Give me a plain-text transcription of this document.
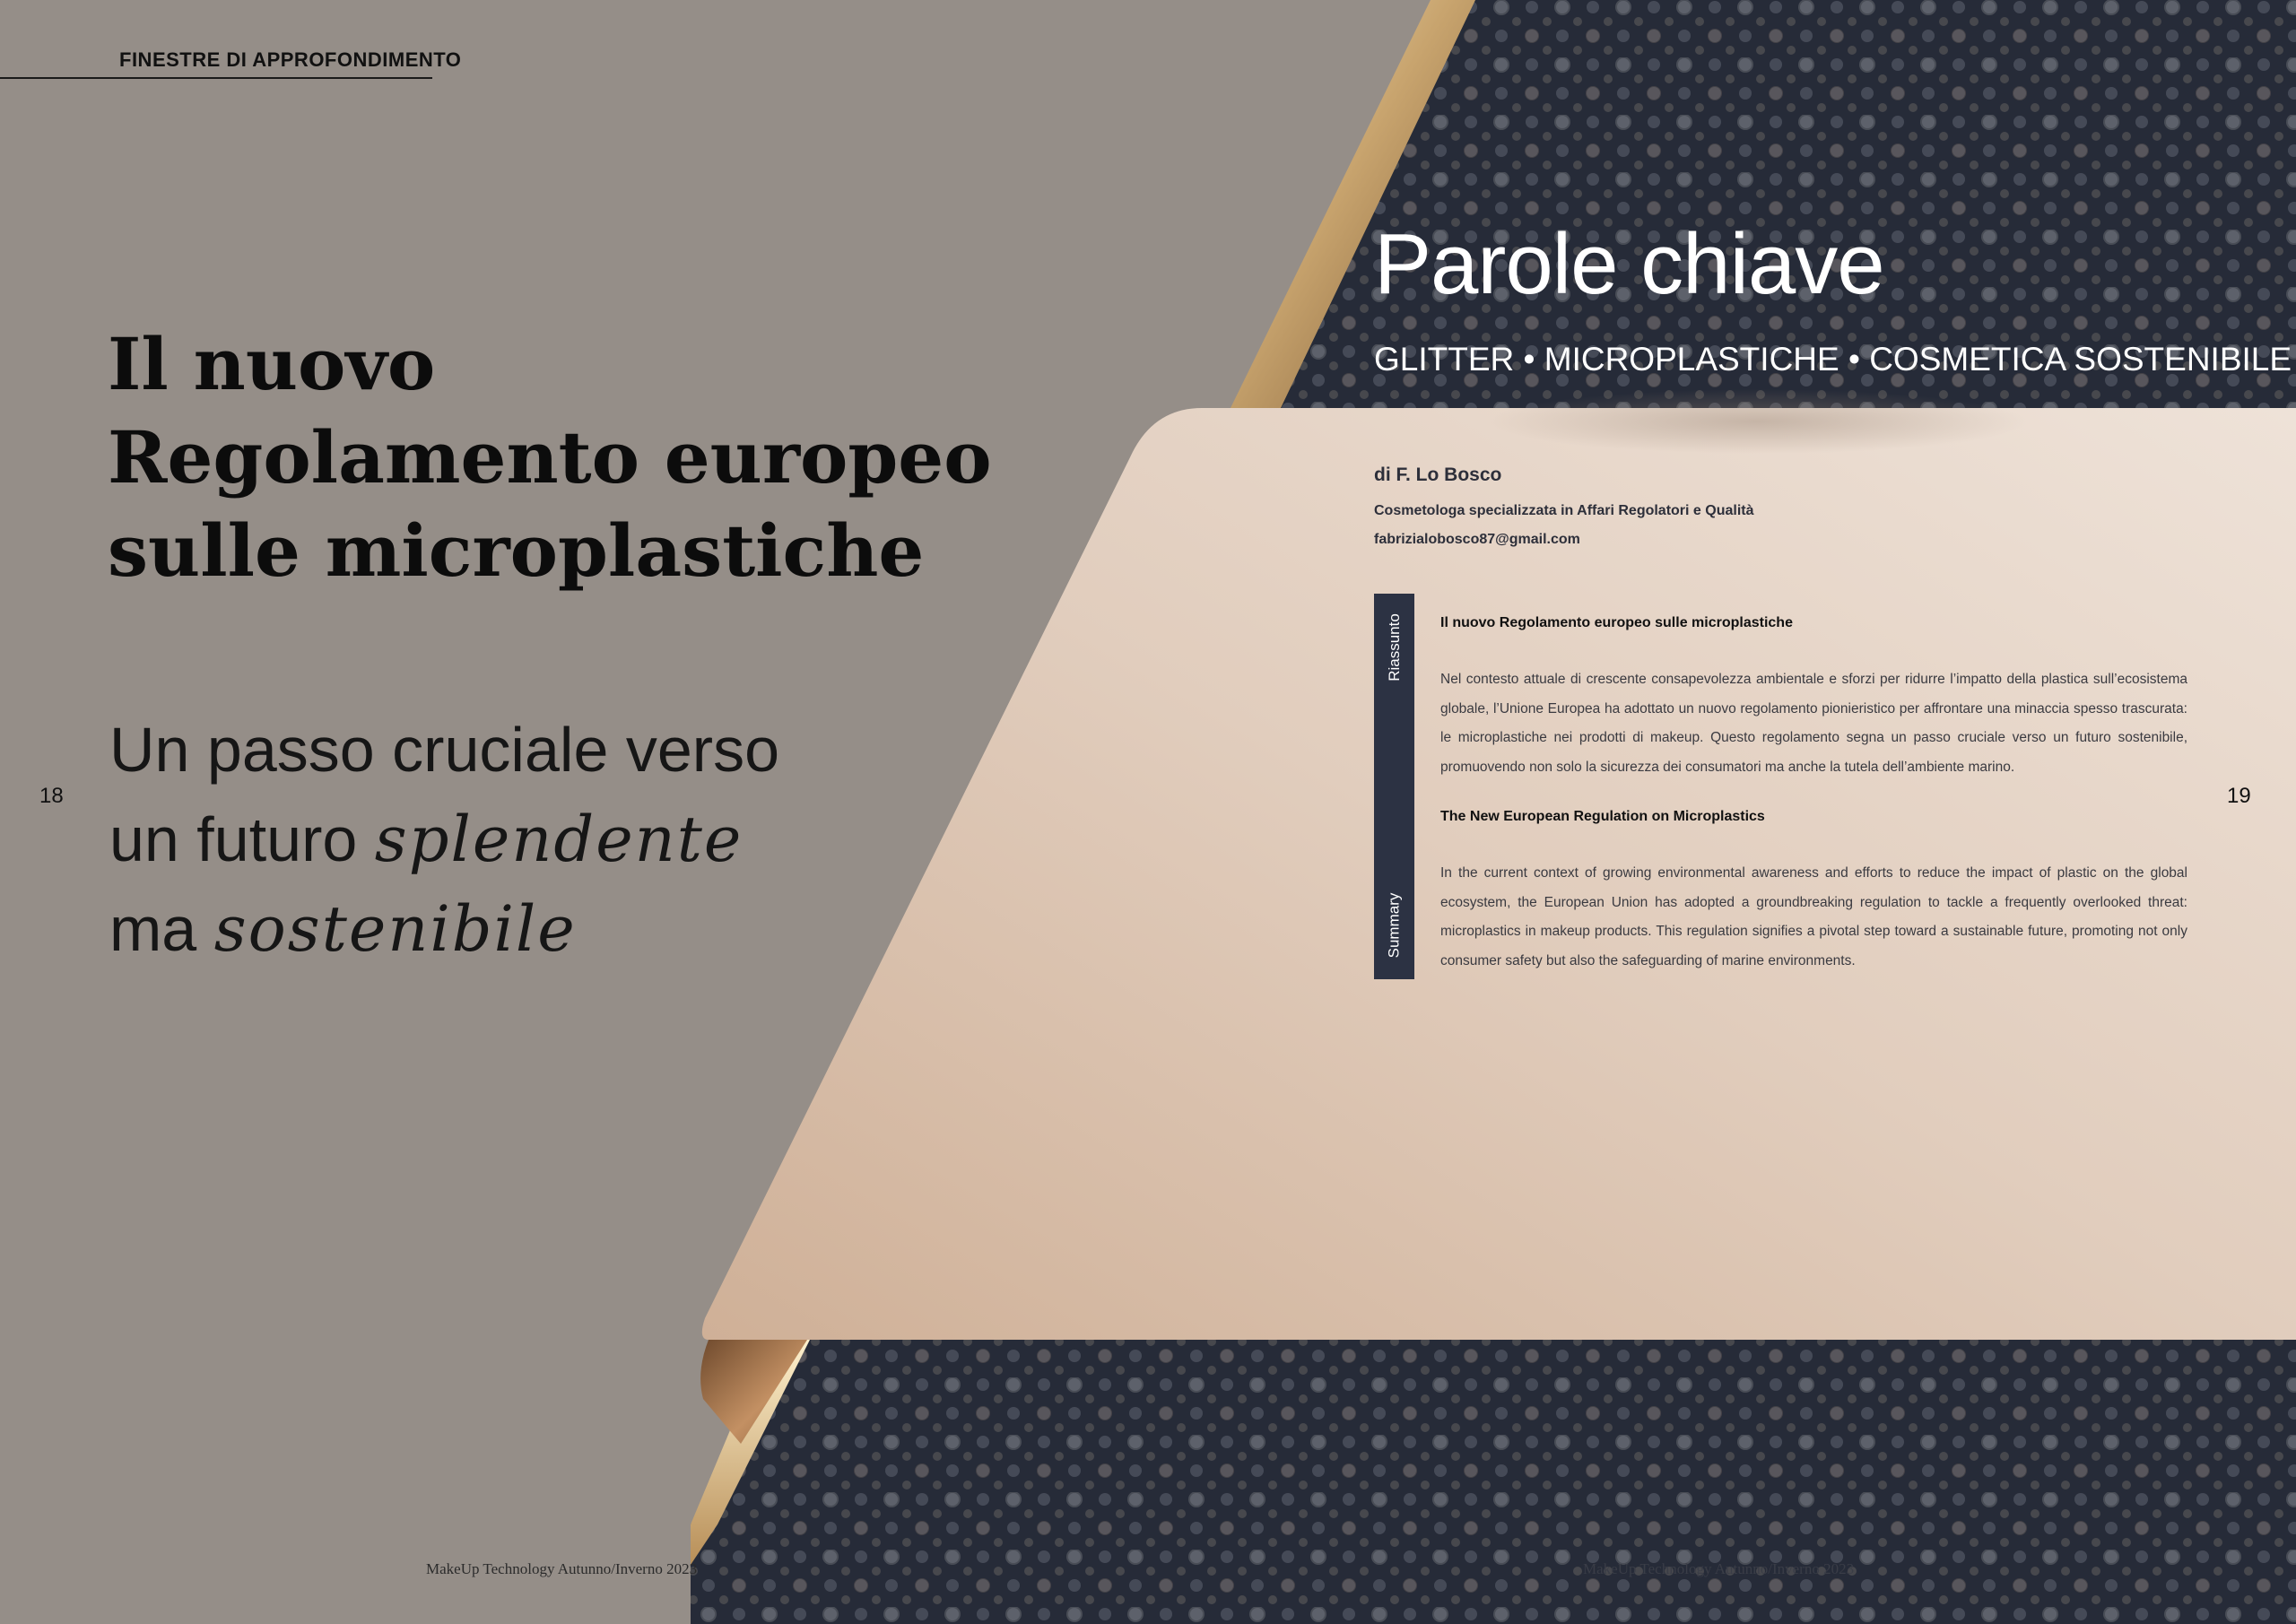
FINESTRE DI APPROFONDIMENTO
Il nuovo
Regolamento europeo
sulle microplastiche
Un passo cruciale verso
un futuro splendente
ma sostenibile
18
MakeUp Technology Autunno/Inverno 2023
Parole chiave
GLITTER • MICROPLASTICHE • COSMETICA SOSTENIBILE
di F. Lo Bosco
Cosmetologa specializzata in Affari Regolatori e Qualità
fabrizialobosco87@gmail.com
Riassunto
Summary

Il nuovo Regolamento europeo sulle microplastiche

Nel contesto attuale di crescente consapevolezza ambientale e sforzi per ridurre l’impatto della plastica sull’ecosistema globale, l’Unione Europea ha adottato un nuovo regolamento pionieristico per affrontare una minaccia spesso trascurata: le microplastiche nei prodotti di makeup. Questo regolamento segna un passo cruciale verso un futuro sostenibile, promuovendo non solo la sicurezza dei consumatori ma anche la tutela dell’ambiente marino.

The New European Regulation on Microplastics

In the current context of growing environmental awareness and efforts to reduce the impact of plastic on the global ecosystem, the European Union has adopted a groundbreaking regulation to tackle a frequently overlooked threat: microplastics in makeup products. This regulation signifies a pivotal step toward a sustainable future, promoting not only consumer safety but also the safeguarding of marine environments.

19
MakeUp Technology Autunno/Inverno 2023
